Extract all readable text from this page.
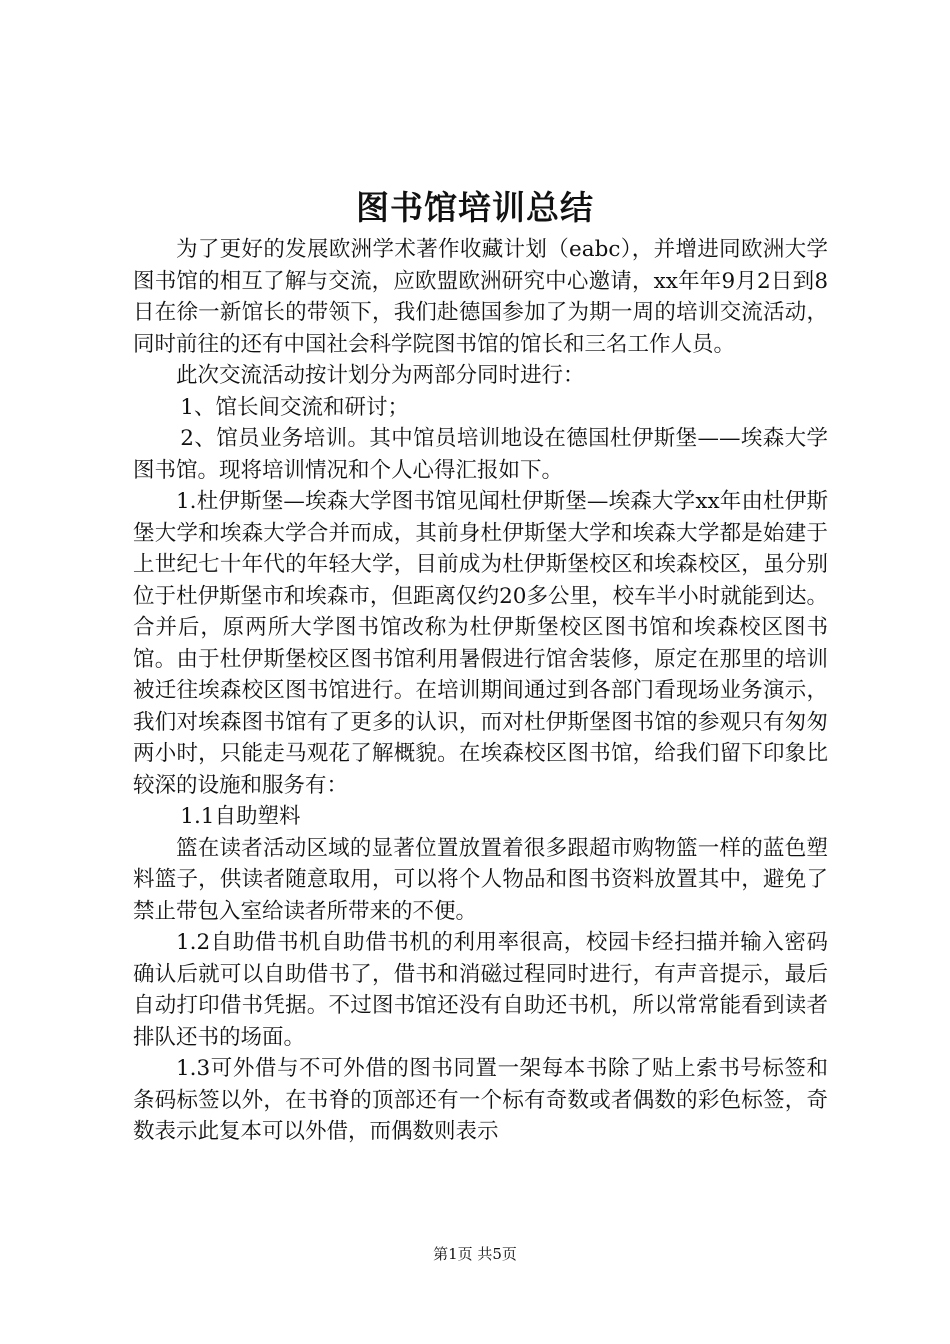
图书馆培训总结

为了更好的发展欧洲学术著作收藏计划（eabc），并增进同欧洲大学图书馆的相互了解与交流，应欧盟欧洲研究中心邀请，xx年年9月2日到8日在徐一新馆长的带领下，我们赴德国参加了为期一周的培训交流活动，同时前往的还有中国社会科学院图书馆的馆长和三名工作人员。

此次交流活动按计划分为两部分同时进行：

1、馆长间交流和研讨；

2、馆员业务培训。其中馆员培训地设在德国杜伊斯堡——埃森大学图书馆。现将培训情况和个人心得汇报如下。

1.杜伊斯堡—埃森大学图书馆见闻杜伊斯堡—埃森大学xx年由杜伊斯堡大学和埃森大学合并而成，其前身杜伊斯堡大学和埃森大学都是始建于上世纪七十年代的年轻大学，目前成为杜伊斯堡校区和埃森校区，虽分别位于杜伊斯堡市和埃森市，但距离仅约20多公里，校车半小时就能到达。合并后，原两所大学图书馆改称为杜伊斯堡校区图书馆和埃森校区图书馆。由于杜伊斯堡校区图书馆利用暑假进行馆舍装修，原定在那里的培训被迁往埃森校区图书馆进行。在培训期间通过到各部门看现场业务演示，我们对埃森图书馆有了更多的认识，而对杜伊斯堡图书馆的参观只有匆匆两小时，只能走马观花了解概貌。在埃森校区图书馆，给我们留下印象比较深的设施和服务有：

1.1自助塑料

篮在读者活动区域的显著位置放置着很多跟超市购物篮一样的蓝色塑料篮子，供读者随意取用，可以将个人物品和图书资料放置其中，避免了禁止带包入室给读者所带来的不便。

1.2自助借书机自助借书机的利用率很高，校园卡经扫描并输入密码确认后就可以自助借书了，借书和消磁过程同时进行，有声音提示，最后自动打印借书凭据。不过图书馆还没有自助还书机，所以常常能看到读者排队还书的场面。

1.3可外借与不可外借的图书同置一架每本书除了贴上索书号标签和条码标签以外，在书脊的顶部还有一个标有奇数或者偶数的彩色标签，奇数表示此复本可以外借，而偶数则表示

第1页 共5页
